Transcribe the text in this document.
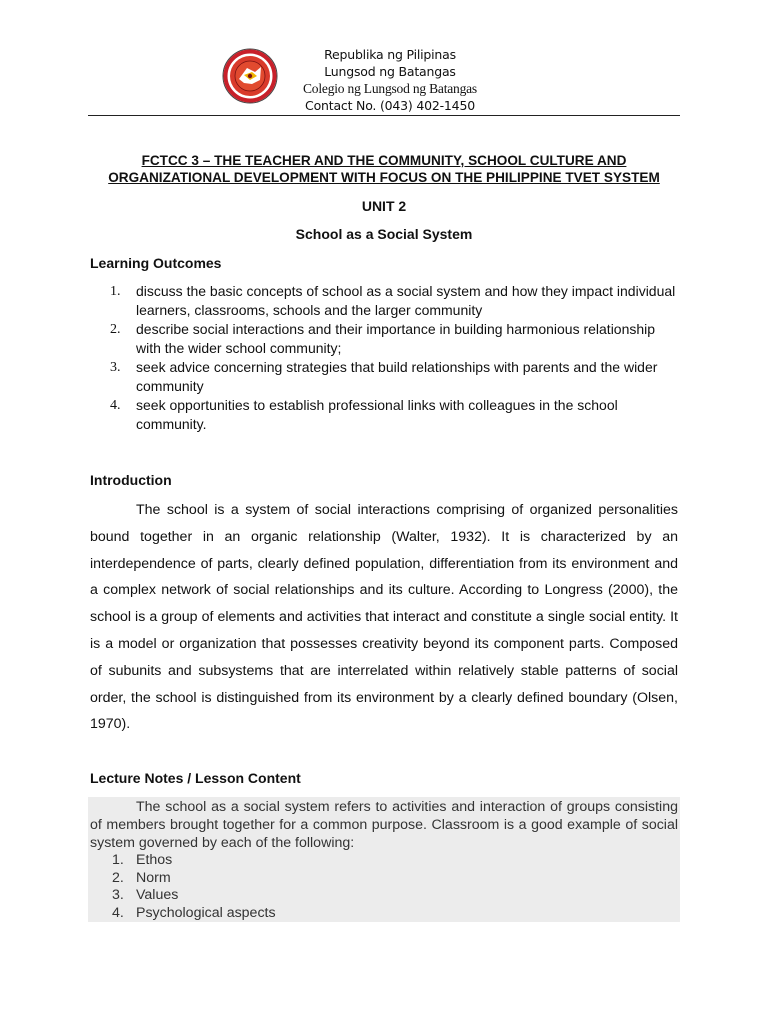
Republika ng Pilipinas
Lungsod ng Batangas
Colegio ng Lungsod ng Batangas
Contact No. (043) 402-1450
FCTCC 3 – THE TEACHER AND THE COMMUNITY, SCHOOL CULTURE AND ORGANIZATIONAL DEVELOPMENT WITH FOCUS ON THE PHILIPPINE TVET SYSTEM
UNIT 2
School as a Social System
Learning Outcomes
1. discuss the basic concepts of school as a social system and how they impact individual learners, classrooms, schools and the larger community
2. describe social interactions and their importance in building harmonious relationship with the wider school community;
3. seek advice concerning strategies that build relationships with parents and the wider community
4. seek opportunities to establish professional links with colleagues in the school community.
Introduction

The school is a system of social interactions comprising of organized personalities bound together in an organic relationship (Walter, 1932). It is characterized by an interdependence of parts, clearly defined population, differentiation from its environment and a complex network of social relationships and its culture. According to Longress (2000), the school is a group of elements and activities that interact and constitute a single social entity. It is a model or organization that possesses creativity beyond its component parts. Composed of subunits and subsystems that are interrelated within relatively stable patterns of social order, the school is distinguished from its environment by a clearly defined boundary (Olsen, 1970).

Lecture Notes / Lesson Content

The school as a social system refers to activities and interaction of groups consisting of members brought together for a common purpose. Classroom is a good example of social system governed by each of the following:

1. Ethos
2. Norm
3. Values
4. Psychological aspects
